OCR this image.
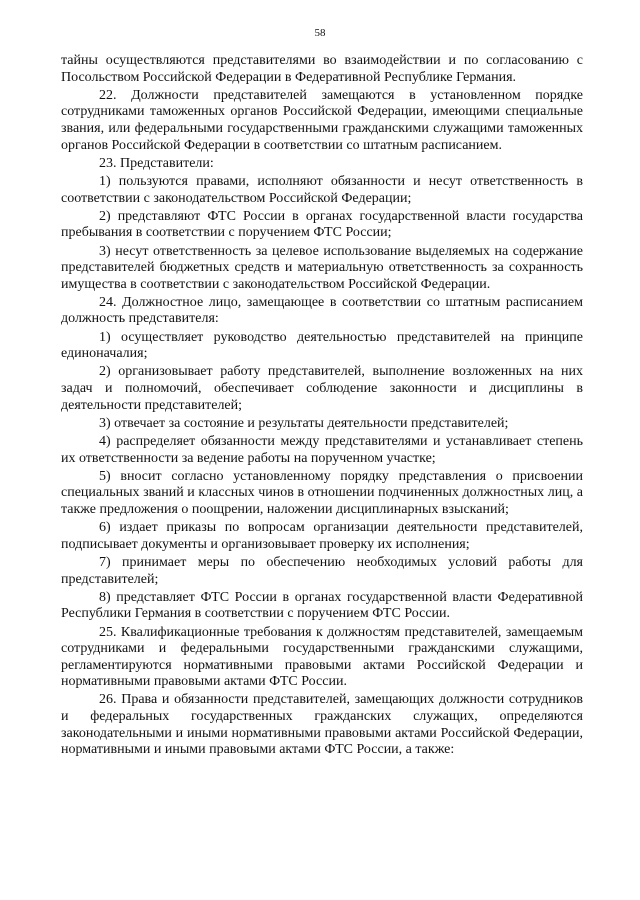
58

тайны осуществляются представителями во взаимодействии и по согласованию с Посольством Российской Федерации в Федеративной Республике Германия.

22. Должности представителей замещаются в установленном порядке сотрудниками таможенных органов Российской Федерации, имеющими специальные звания, или федеральными государственными гражданскими служащими таможенных органов Российской Федерации в соответствии со штатным расписанием.

23. Представители:

1) пользуются правами, исполняют обязанности и несут ответственность в соответствии с законодательством Российской Федерации;

2) представляют ФТС России в органах государственной власти государства пребывания в соответствии с поручением ФТС России;

3) несут ответственность за целевое использование выделяемых на содержание представителей бюджетных средств и материальную ответственность за сохранность имущества в соответствии с законодательством Российской Федерации.

24. Должностное лицо, замещающее в соответствии со штатным расписанием должность представителя:

1) осуществляет руководство деятельностью представителей на принципе единоначалия;

2) организовывает работу представителей, выполнение возложенных на них задач и полномочий, обеспечивает соблюдение законности и дисциплины в деятельности представителей;

3) отвечает за состояние и результаты деятельности представителей;

4) распределяет обязанности между представителями и устанавливает степень их ответственности за ведение работы на порученном участке;

5) вносит согласно установленному порядку представления о присвоении специальных званий и классных чинов в отношении подчиненных должностных лиц, а также предложения о поощрении, наложении дисциплинарных взысканий;

6) издает приказы по вопросам организации деятельности представителей, подписывает документы и организовывает проверку их исполнения;

7) принимает меры по обеспечению необходимых условий работы для представителей;

8) представляет ФТС России в органах государственной власти Федеративной Республики Германия в соответствии с поручением ФТС России.

25. Квалификационные требования к должностям представителей, замещаемым сотрудниками и федеральными государственными гражданскими служащими, регламентируются нормативными правовыми актами Российской Федерации и нормативными правовыми актами ФТС России.

26. Права и обязанности представителей, замещающих должности сотрудников и федеральных государственных гражданских служащих, определяются законодательными и иными нормативными правовыми актами Российской Федерации, нормативными и иными правовыми актами ФТС России, а также:
